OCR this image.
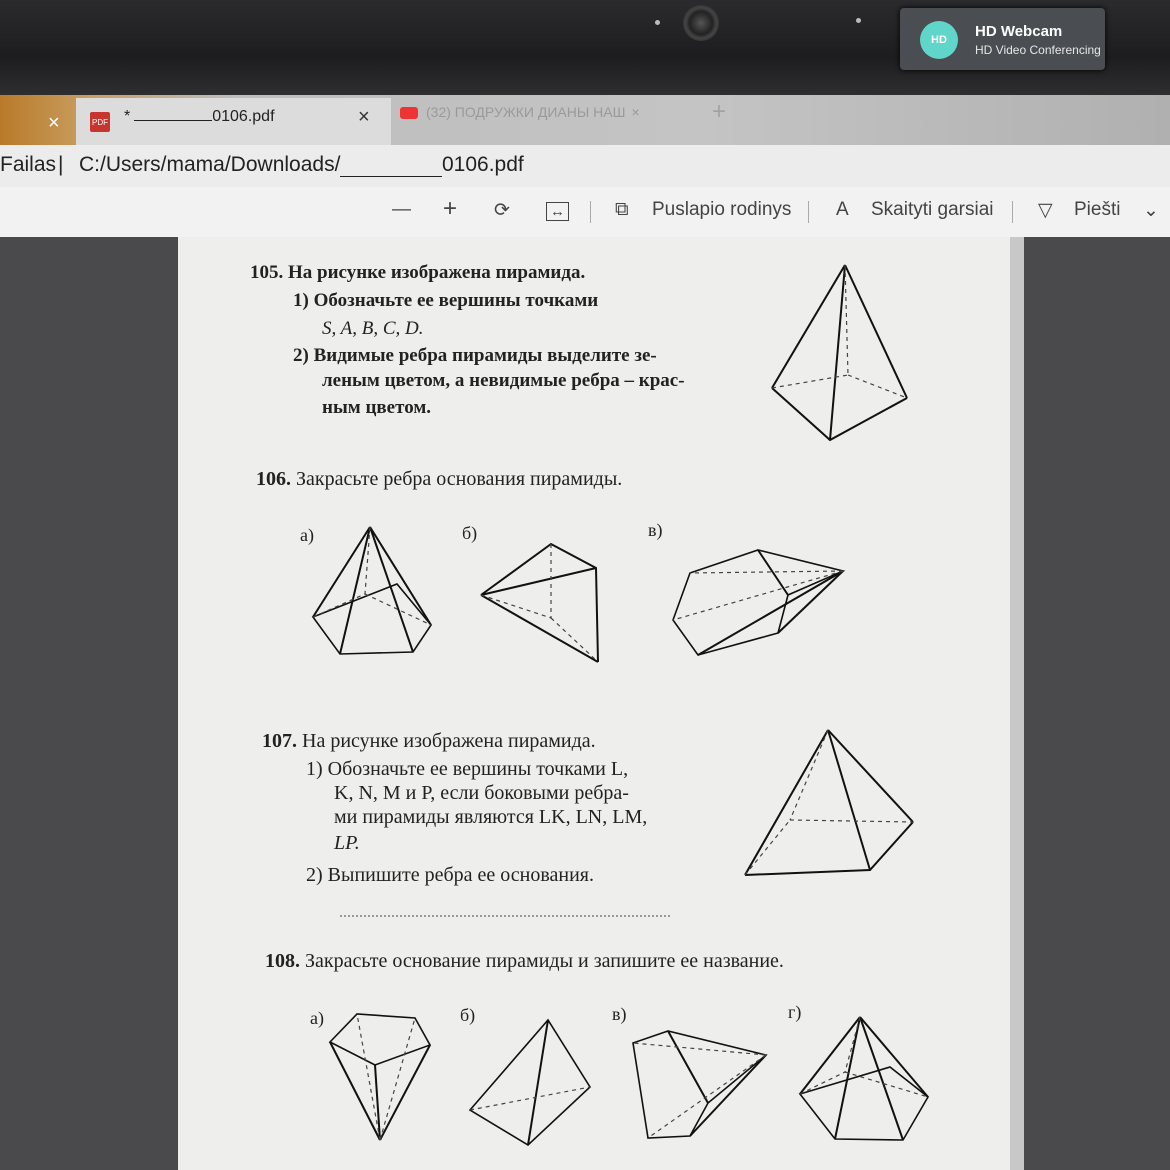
HD	HD Webcam
HD Video Conferencing
×	PDF *	0106.pdf	×	(32) ПОДРУЖКИ ДИАНЫ НАШ ×	+
Failas | C:/Users/mama/Downloads/	0106.pdf
— + ⟳	↔	⧉ Puslapio rodinys A Skaityti garsiai ▽ Piešti ⌄
105. На рисунке изображена пирамида.
1) Обозначьте ее вершины точками
S, A, B, C, D.
2) Видимые ребра пирамиды выделите зе-
леным цветом, а невидимые ребра – крас-
ным цветом.
106. Закрасьте ребра основания пирамиды.
а)	б)	в)
107. На рисунке изображена пирамида.
1) Обозначьте ее вершины точками L,
K, N, M и P, если боковыми ребра-
ми пирамиды являются LK, LN, LM,
LP.
2) Выпишите ребра ее основания.
108. Закрасьте основание пирамиды и запишите ее название.
а)	б)	в)	г)
